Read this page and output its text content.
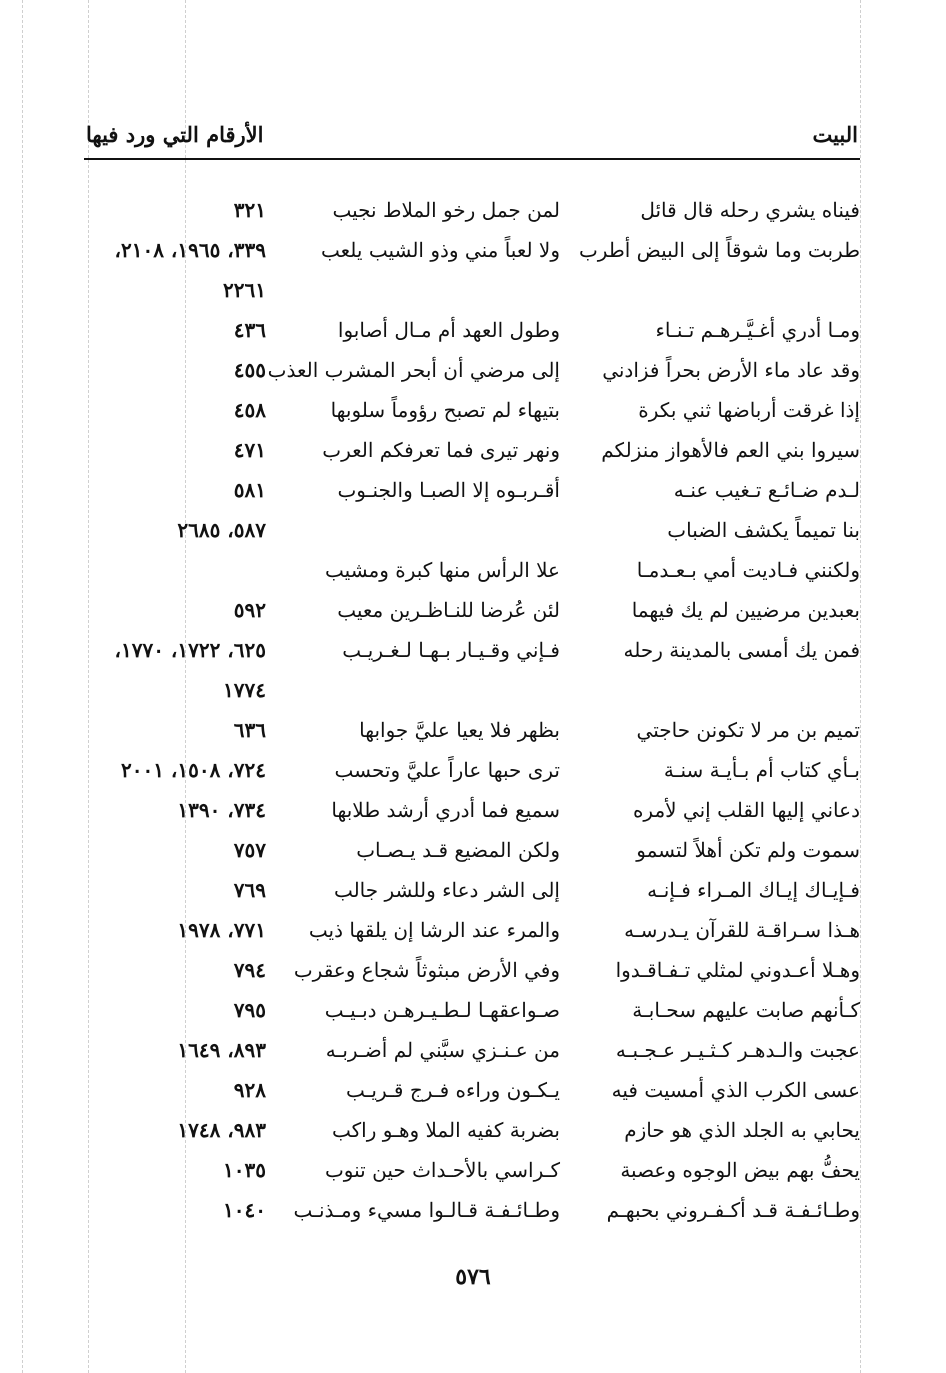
البيت
الأرقام التي ورد فيها
فيناه يشري رحله قال قائل
لمن جمل رخو الملاط نجيب
٣٢١
طربت وما شوقاً إلى البيض أطرب
ولا لعباً مني وذو الشيب يلعب
٣٣٩، ١٩٦٥، ٢١٠٨،
٢٢٦١
ومـا أدري أغـيَّـرهـم تـنـاء
وطول العهد أم مـال أصابوا
٤٣٦
وقد عاد ماء الأرض بحراً فزادني
إلى مرضي أن أبحر المشرب العذب
٤٥٥
إذا غرقت أرباضها ثني بكرة
بتيهاء لم تصبح رؤوماً سلوبها
٤٥٨
سيروا بني العم فالأهواز منزلكم
ونهر تيرى فما تعرفكم العرب
٤٧١
لـدم ضـائـع تـغيب عنـه
أقـربـوه إلا الصبـا والجنـوب
٥٨١
بنا تميماً يكشف الضباب
٥٨٧، ٢٦٨٥
ولكنني فـاديت أمي بـعـدمـا
علا الرأس منها كبرة ومشيب
بعبدين مرضيين لم يك فيهما
لئن عُرضا للنـاظـرين معيب
٥٩٢
فمن يك أمسى بالمدينة رحله
فـإني وقـيـار بـهـا لـغـريـب
٦٢٥، ١٧٢٢، ١٧٧٠،
١٧٧٤
تميم بن مر لا تكونن حاجتي
بظهر فلا يعيا عليَّ جوابها
٦٣٦
بـأي كتاب أم بـأيـة سنـة
ترى حبها عاراً عليَّ وتحسب
٧٢٤، ١٥٠٨، ٢٠٠١
دعاني إليها القلب إني لأمره
سميع فما أدري أرشد طلابها
٧٣٤، ١٣٩٠
سموت ولم تكن أهلاً لتسمو
ولكن المضيع قـد يـصـاب
٧٥٧
فـإيـاك إيـاك المـراء فـإنـه
إلى الشر دعاء وللشر جالب
٧٦٩
هـذا سـراقـة للقرآن يـدرسـه
والمرء عند الرشا إن يلقها ذيب
٧٧١، ١٩٧٨
وهـلا أعـدوني لمثلي تـفـاقـدوا
وفي الأرض مبثوثاً شجاع وعقرب
٧٩٤
كـأنهم صابت عليهم سحـابـة
صـواعقهـا لـطـيـرهـن دبـيـب
٧٩٥
عجبت والـدهـر كـثـيـر عـجـبـه
من عـنـزي سبَّني لم أضـربـه
٨٩٣، ١٦٤٩
عسى الكرب الذي أمسيت فيه
يـكـون وراءه فـرج قـريـب
٩٢٨
يحابي به الجلد الذي هو حازم
بضربة كفيه الملا وهـو راكب
٩٨٣، ١٧٤٨
يحفُّ بهم بيض الوجوه وعصبة
كـراسي بالأحـداث حين تنوب
١٠٣٥
وطـائـفـة قـد أكـفـروني بحبهـم
وطـائـفـة قـالـوا مسيء ومـذنـب
١٠٤٠
٥٧٦
